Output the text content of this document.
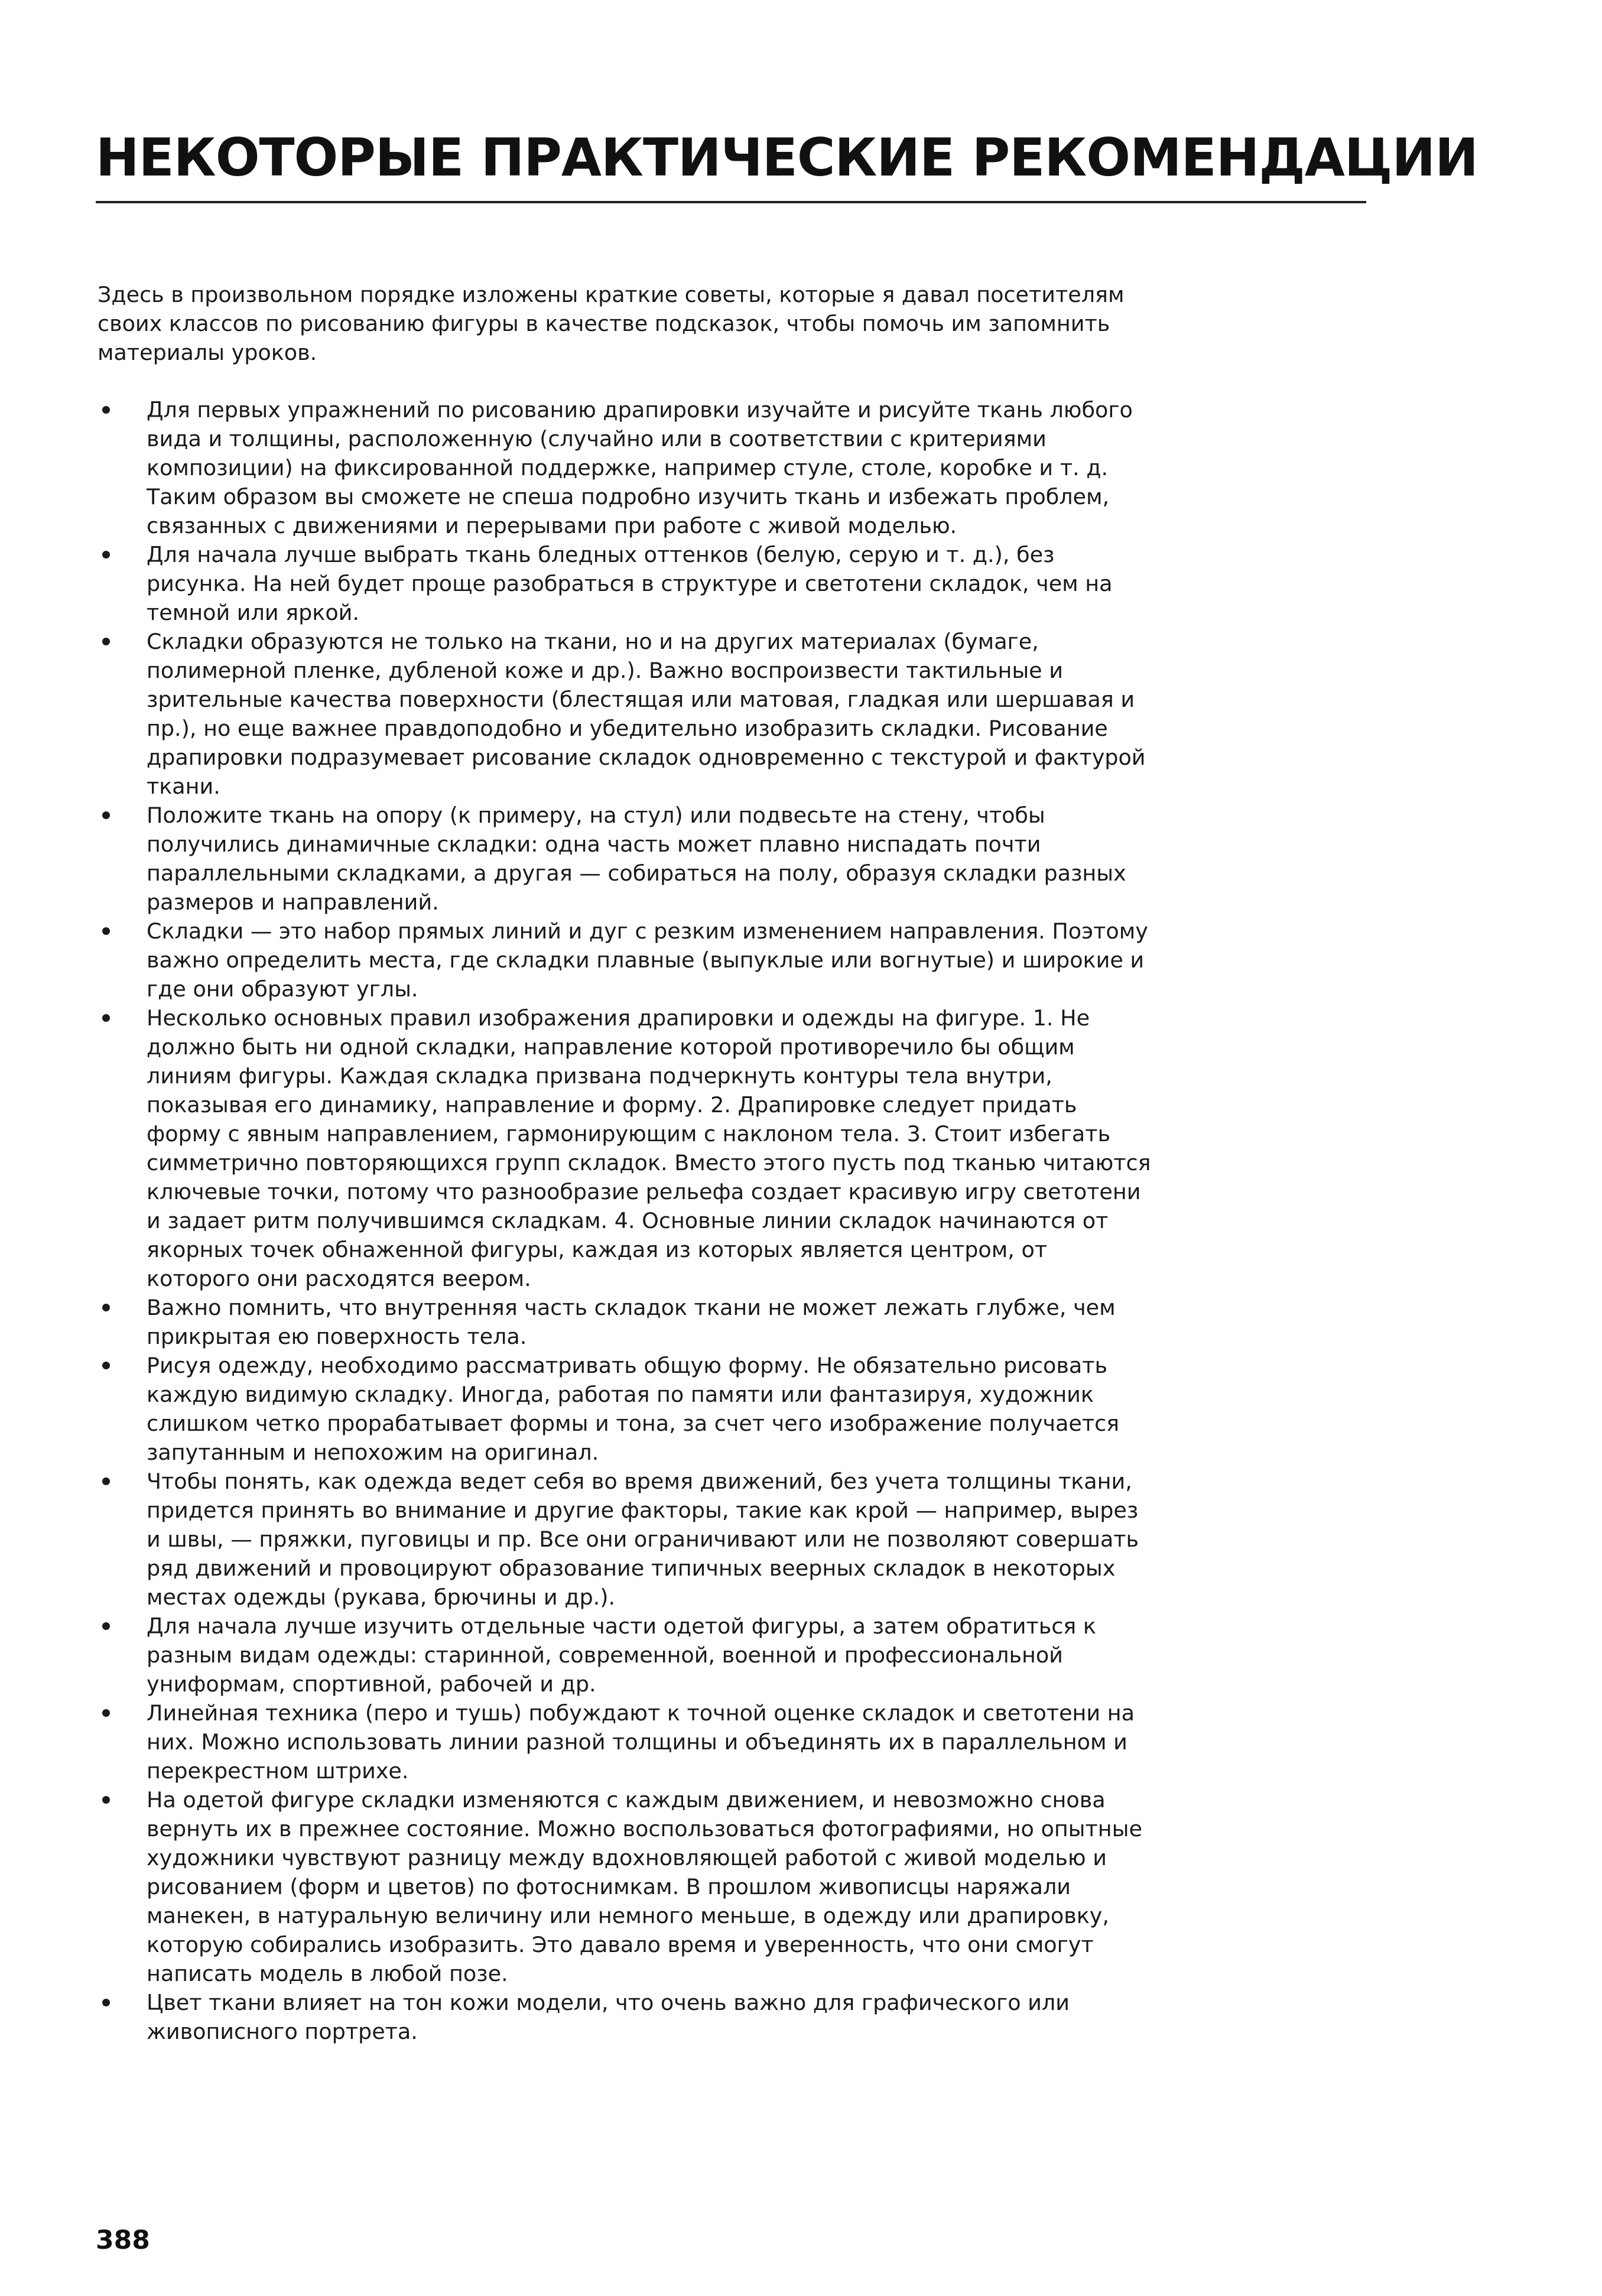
НЕКОТОРЫЕ ПРАКТИЧЕСКИЕ РЕКОМЕНДАЦИИ

Здесь в произвольном порядке изложены краткие советы, которые я давал посетителям своих классов по рисованию фигуры в качестве подсказок, чтобы помочь им запомнить материалы уроков.

Для первых упражнений по рисованию драпировки изучайте и рисуйте ткань любого вида и толщины, расположенную (случайно или в соответствии с критериями композиции) на фиксированной поддержке, например стуле, столе, коробке и т. д. Таким образом вы сможете не спеша подробно изучить ткань и избежать проблем, связанных с движениями и перерывами при работе с живой моделью.
Для начала лучше выбрать ткань бледных оттенков (белую, серую и т. д.), без рисунка. На ней будет проще разобраться в структуре и светотени складок, чем на темной или яркой.
Складки образуются не только на ткани, но и на других материалах (бумаге, полимерной пленке, дубленой коже и др.). Важно воспроизвести тактильные и зрительные качества поверхности (блестящая или матовая, гладкая или шершавая и пр.), но еще важнее правдоподобно и убедительно изобразить складки. Рисование драпировки подразумевает рисование складок одновременно с текстурой и фактурой ткани.
Положите ткань на опору (к примеру, на стул) или подвесьте на стену, чтобы получились динамичные складки: одна часть может плавно ниспадать почти параллельными складками, а другая — собираться на полу, образуя складки разных размеров и направлений.
Складки — это набор прямых линий и дуг с резким изменением направления. Поэтому важно определить места, где складки плавные (выпуклые или вогнутые) и широкие и где они образуют углы.
Несколько основных правил изображения драпировки и одежды на фигуре. 1. Не должно быть ни одной складки, направление которой противоречило бы общим линиям фигуры. Каждая складка призвана подчеркнуть контуры тела внутри, показывая его динамику, направление и форму. 2. Драпировке следует придать форму с явным направлением, гармонирующим с наклоном тела. 3. Стоит избегать симметрично повторяющихся групп складок. Вместо этого пусть под тканью читаются ключевые точки, потому что разнообразие рельефа создает красивую игру светотени и задает ритм получившимся складкам. 4. Основные линии складок начинаются от якорных точек обнаженной фигуры, каждая из которых является центром, от которого они расходятся веером.
Важно помнить, что внутренняя часть складок ткани не может лежать глубже, чем прикрытая ею поверхность тела.
Рисуя одежду, необходимо рассматривать общую форму. Не обязательно рисовать каждую видимую складку. Иногда, работая по памяти или фантазируя, художник слишком четко прорабатывает формы и тона, за счет чего изображение получается запутанным и непохожим на оригинал.
Чтобы понять, как одежда ведет себя во время движений, без учета толщины ткани, придется принять во внимание и другие факторы, такие как крой — например, вырез и швы, — пряжки, пуговицы и пр. Все они ограничивают или не позволяют совершать ряд движений и провоцируют образование типичных веерных складок в некоторых местах одежды (рукава, брючины и др.).
Для начала лучше изучить отдельные части одетой фигуры, а затем обратиться к разным видам одежды: старинной, современной, военной и профессиональной униформам, спортивной, рабочей и др.
Линейная техника (перо и тушь) побуждают к точной оценке складок и светотени на них. Можно использовать линии разной толщины и объединять их в параллельном и перекрестном штрихе.
На одетой фигуре складки изменяются с каждым движением, и невозможно снова вернуть их в прежнее состояние. Можно воспользоваться фотографиями, но опытные художники чувствуют разницу между вдохновляющей работой с живой моделью и рисованием (форм и цветов) по фотоснимкам. В прошлом живописцы наряжали манекен, в натуральную величину или немного меньше, в одежду или драпировку, которую собирались изобразить. Это давало время и уверенность, что они смогут написать модель в любой позе.
Цвет ткани влияет на тон кожи модели, что очень важно для графического или живописного портрета.
388
